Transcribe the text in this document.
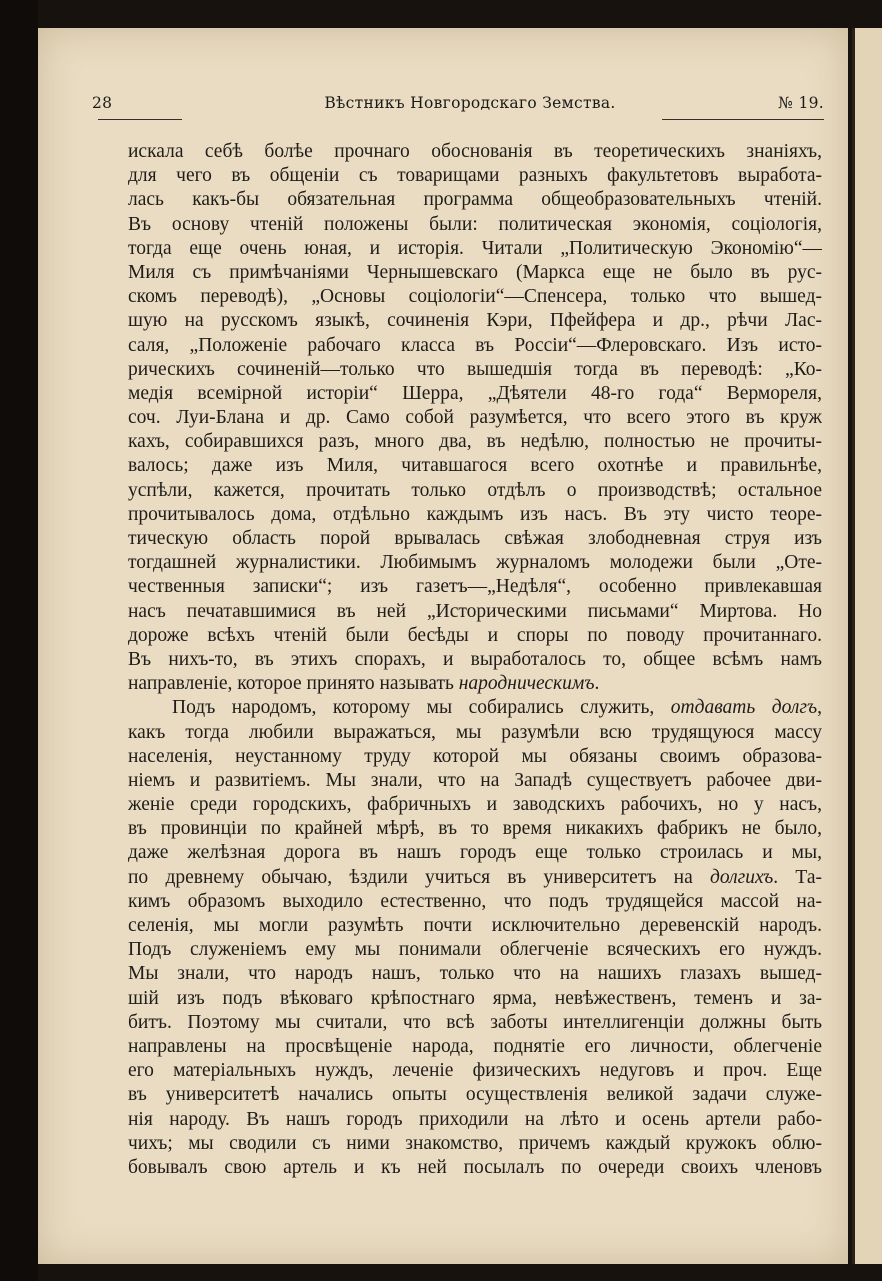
28	Вѣстникъ Новгородскаго Земства.	№ 19.
искала себѣ болѣе прочнаго обоснованія въ теоретическихъ знаніяхъ,
для чего въ общеніи съ товарищами разныхъ факультетовъ выработа-
лась какъ-бы обязательная программа общеобразовательныхъ чтеній.
Въ основу чтеній положены были: политическая экономія, соціологія,
тогда еще очень юная, и исторія. Читали „Политическую Экономію“—
Миля съ примѣчаніями Чернышевскаго (Маркса еще не было въ рус-
скомъ переводѣ), „Основы соціологіи“—Спенсера, только что вышед-
шую на русскомъ языкѣ, сочиненія Кэри, Пфейфера и др., рѣчи Лас-
саля, „Положеніе рабочаго класса въ Россіи“—Флеровскаго. Изъ исто-
рическихъ сочиненій—только что вышедшія тогда въ переводѣ: „Ко-
медія всемірной исторіи“ Шерра, „Дѣятели 48-го года“ Вермореля,
соч. Луи-Блана и др. Само собой разумѣется, что всего этого въ круж
кахъ, собиравшихся разъ, много два, въ недѣлю, полностью не прочиты-
валось; даже изъ Миля, читавшагося всего охотнѣе и правильнѣе,
успѣли, кажется, прочитать только отдѣлъ о производствѣ; остальное
прочитывалось дома, отдѣльно каждымъ изъ насъ. Въ эту чисто теоре-
тическую область порой врывалась свѣжая злободневная струя изъ
тогдашней журналистики. Любимымъ журналомъ молодежи были „Оте-
чественныя записки“; изъ газетъ—„Недѣля“, особенно привлекавшая
насъ печатавшимися въ ней „Историческими письмами“ Миртова. Но
дороже всѣхъ чтеній были бесѣды и споры по поводу прочитаннаго.
Въ нихъ-то, въ этихъ спорахъ, и выработалось то, общее всѣмъ намъ
направленіе, которое принято называть народническимъ.
Подъ народомъ, которому мы собирались служить, отдавать долгъ,
какъ тогда любили выражаться, мы разумѣли всю трудящуюся массу
населенія, неустанному труду которой мы обязаны своимъ образова-
ніемъ и развитіемъ. Мы знали, что на Западѣ существуетъ рабочее дви-
женіе среди городскихъ, фабричныхъ и заводскихъ рабочихъ, но у насъ,
въ провинціи по крайней мѣрѣ, въ то время никакихъ фабрикъ не было,
даже желѣзная дорога въ нашъ городъ еще только строилась и мы,
по древнему обычаю, ѣздили учиться въ университетъ на долгихъ. Та-
кимъ образомъ выходило естественно, что подъ трудящейся массой на-
селенія, мы могли разумѣть почти исключительно деревенскій народъ.
Подъ служеніемъ ему мы понимали облегченіе всяческихъ его нуждъ.
Мы знали, что народъ нашъ, только что на нашихъ глазахъ вышед-
шій изъ подъ вѣковаго крѣпостнаго ярма, невѣжественъ, теменъ и за-
битъ. Поэтому мы считали, что всѣ заботы интеллигенціи должны быть
направлены на просвѣщеніе народа, поднятіе его личности, облегченіе
его матеріальныхъ нуждъ, леченіе физическихъ недуговъ и проч. Еще
въ университетѣ начались опыты осуществленія великой задачи служе-
нія народу. Въ нашъ городъ приходили на лѣто и осень артели рабо-
чихъ; мы сводили съ ними знакомство, причемъ каждый кружокъ облю-
бовывалъ свою артель и къ ней посылалъ по очереди своихъ членовъ
